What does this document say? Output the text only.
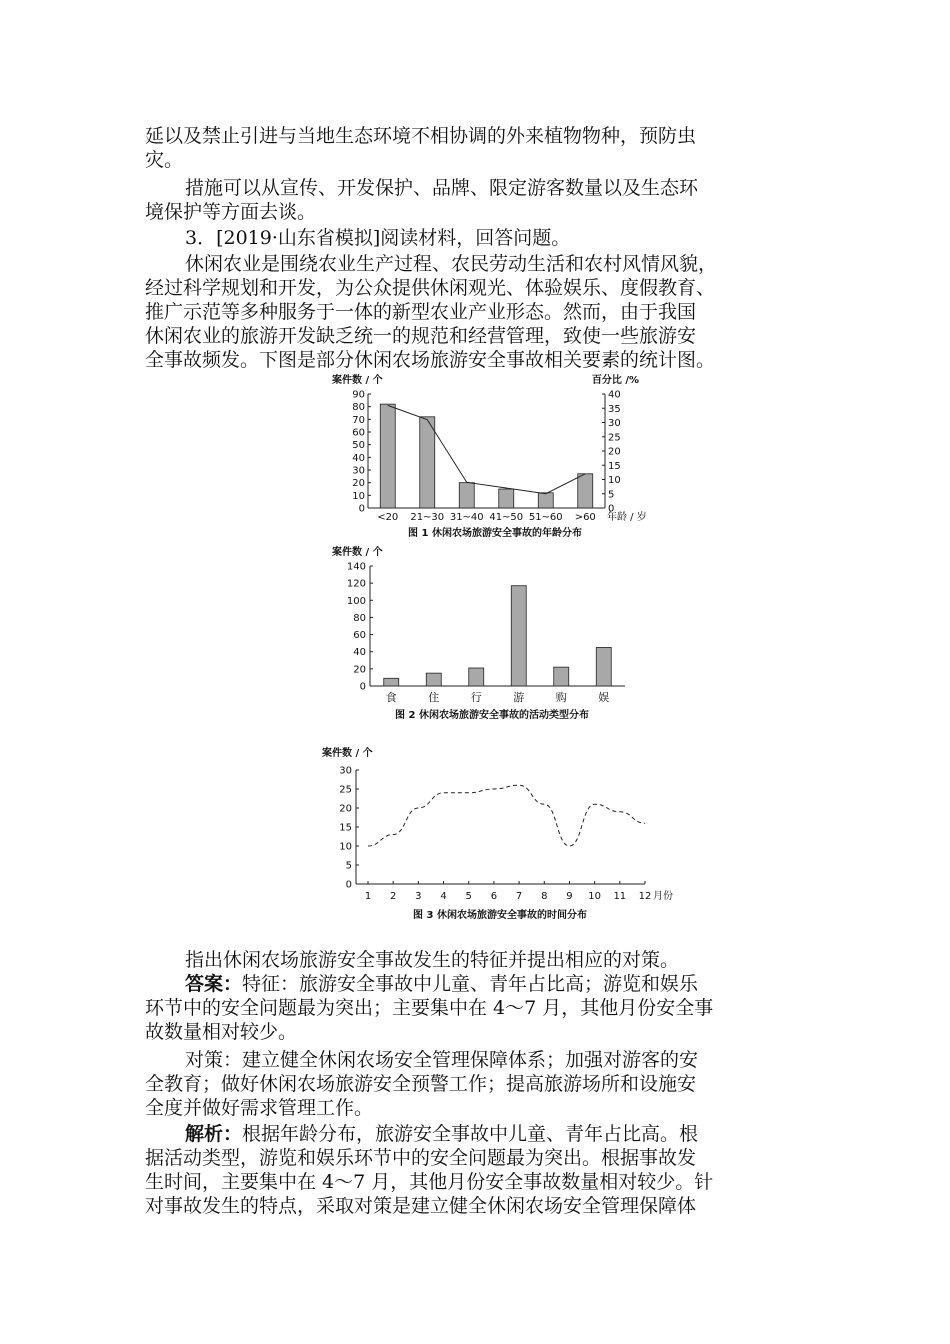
延以及禁止引进与当地生态环境不相协调的外来植物物种，预防虫
灾。
措施可以从宣传、开发保护、品牌、限定游客数量以及生态环
境保护等方面去谈。
3．[2019·山东省模拟]阅读材料，回答问题。
休闲农业是围绕农业生产过程、农民劳动生活和农村风情风貌，
经过科学规划和开发，为公众提供休闲观光、体验娱乐、度假教育、
推广示范等多种服务于一体的新型农业产业形态。然而，由于我国
休闲农业的旅游开发缺乏统一的规范和经营管理，致使一些旅游安
全事故频发。下图是部分休闲农场旅游安全事故相关要素的统计图。
案件数 / 个	百分比 /%
0
10
20
30
40
50
60
70
80
90
0
5
10
15
20
25
30
35
40
<20 21~30 31~40 41~50 51~60 >60 年龄 / 岁
图 1 休闲农场旅游安全事故的年龄分布
案件数 / 个
0
20
40
60
80
100
120
140
食	住	行	游	购	娱
图 2 休闲农场旅游安全事故的活动类型分布
案件数 / 个
0
5
10
15
20
25
30
1 2 3 4 5 6 7 8 9 10 11 12 月份
图 3 休闲农场旅游安全事故的时间分布
指出休闲农场旅游安全事故发生的特征并提出相应的对策。
答案：特征：旅游安全事故中儿童、青年占比高；游览和娱乐
环节中的安全问题最为突出；主要集中在 4～7 月，其他月份安全事
故数量相对较少。
对策：建立健全休闲农场安全管理保障体系；加强对游客的安
全教育；做好休闲农场旅游安全预警工作；提高旅游场所和设施安
全度并做好需求管理工作。
解析：根据年龄分布，旅游安全事故中儿童、青年占比高。根
据活动类型，游览和娱乐环节中的安全问题最为突出。根据事故发
生时间，主要集中在 4～7 月，其他月份安全事故数量相对较少。针
对事故发生的特点，采取对策是建立健全休闲农场安全管理保障体
